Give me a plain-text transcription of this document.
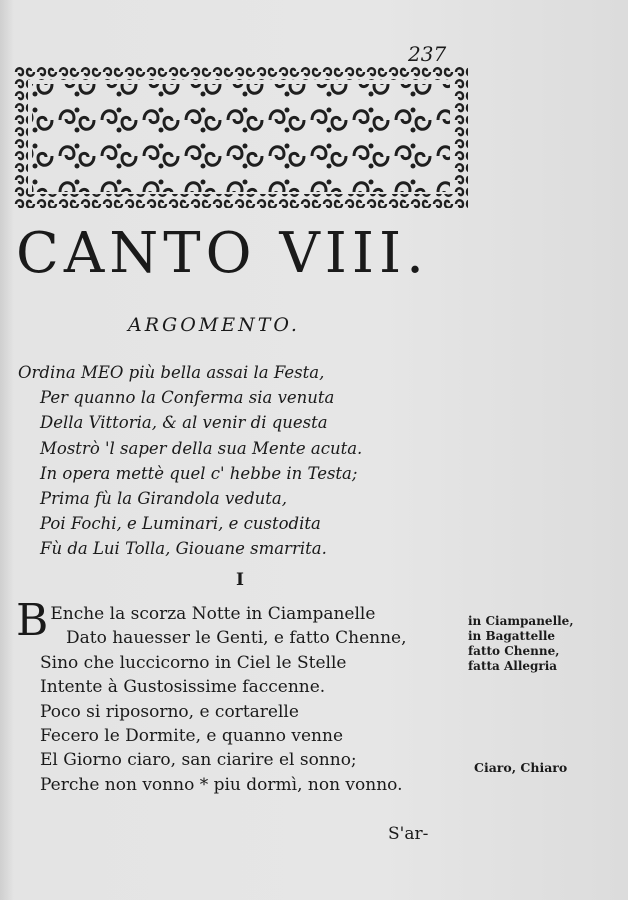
237
CANTO VIII.
ARGOMENTO.
Ordina MEO più bella assai la Festa,
Per quanno la Conferma sia venuta
Della Vittoria, & al venir di questa
Mostrò 'l saper della sua Mente acuta.
In opera mettè quel c' hebbe in Testa;
Prima fù la Girandola veduta,
Poi Fochi, e Luminari, e custodita
Fù da Lui Tolla, Giouane smarrita.
I
B Enche la scorza Notte in Ciampanelle
Dato hauesser le Genti, e fatto Chenne,
Sino che luccicorno in Ciel le Stelle
Intente à Gustosissime faccenne.
Poco si riposorno, e cortarelle
Fecero le Dormite, e quanno venne
El Giorno ciaro, san ciarire el sonno;
Perche non vonno * piu dormì, non vonno.
in Ciampanelle,
in Bagattelle
fatto Chenne,
fatta Allegria
Ciaro, Chiaro
S'ar-
